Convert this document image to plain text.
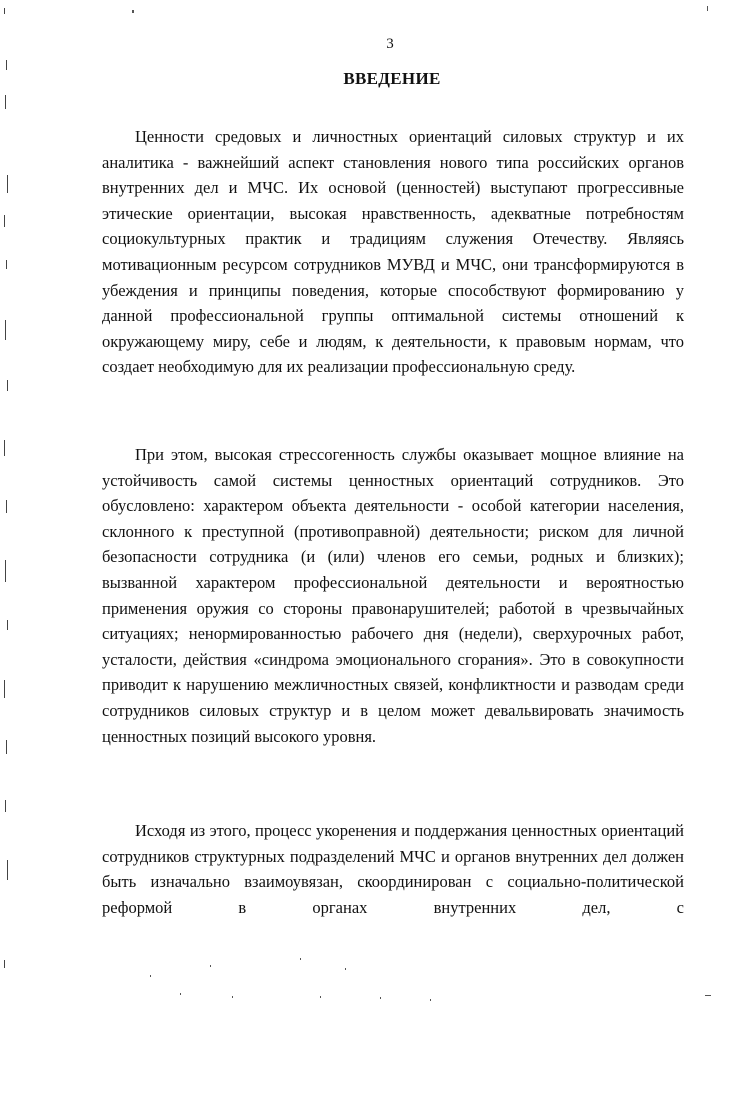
3
ВВЕДЕНИЕ

Ценности средовых и личностных ориентаций силовых структур и их аналитика - важнейший аспект становления нового типа российских органов внутренних дел и МЧС. Их основой (ценностей) выступают прогрессивные этические ориентации, высокая нравственность, адекватные потребностям социокультурных практик и традициям служения Отечеству. Являясь мотивационным ресурсом сотрудников МУВД и МЧС, они трансформируются в убеждения и принципы поведения, которые способствуют формированию у данной профессиональной группы оптимальной системы отношений к окружающему миру, себе и людям, к деятельности, к правовым нормам, что создает необходимую для их реализации профессиональную среду.

При этом, высокая стрессогенность службы оказывает мощное влияние на устойчивость самой системы ценностных ориентаций сотрудников. Это обусловлено: характером объекта деятельности - особой категории населения, склонного к преступной (противоправной) деятельности; риском для личной безопасности сотрудника (и (или) членов его семьи, родных и близких); вызванной характером профессиональной деятельности и вероятностью применения оружия со стороны правонарушителей; работой в чрезвычайных ситуациях; ненормированностью рабочего дня (недели), сверхурочных работ, усталости, действия «синдрома эмоционального сгорания». Это в совокупности приводит к нарушению межличностных связей, конфликтности и разводам среди сотрудников силовых структур и в целом может девальвировать значимость ценностных позиций высокого уровня.

Исходя из этого, процесс укоренения и поддержания ценностных ориентаций сотрудников структурных подразделений МЧС и органов внутренних дел должен быть изначально взаимоувязан, скоординирован с социально-политической реформой в органах внутренних дел, с
